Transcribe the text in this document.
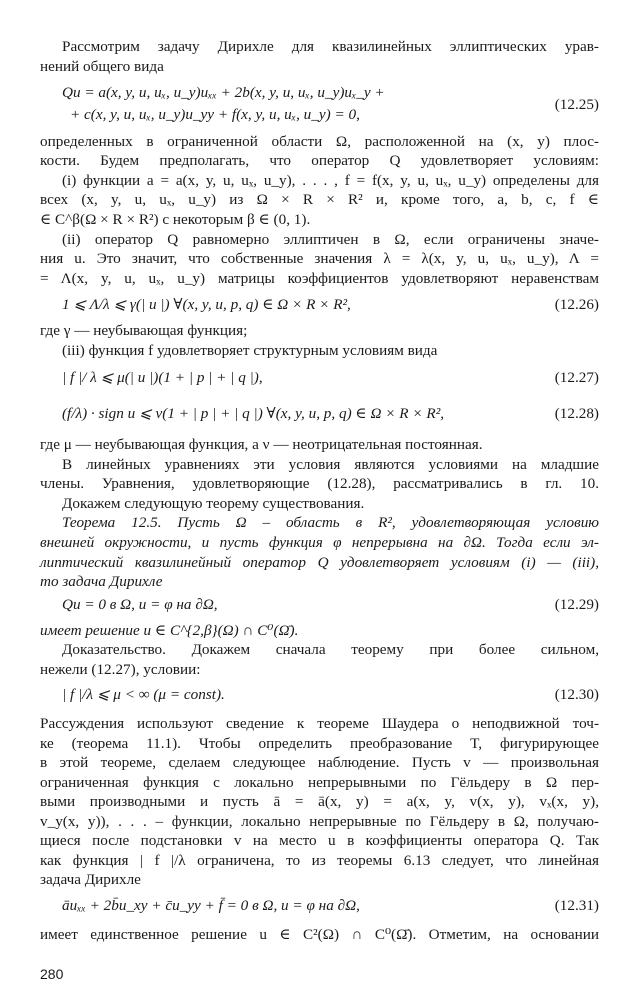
Рассмотрим задачу Дирихле для квазилинейных эллиптических урав-
нений общего вида
Qu = a(x, y, u, uₓ, u_y)uₓₓ + 2b(x, y, u, uₓ, u_y)uₓ_y +
+ c(x, y, u, uₓ, u_y)u_yy + f(x, y, u, uₓ, u_y) = 0,
(12.25)
определенных в ограниченной области Ω, расположенной на (x, y) плос-
кости. Будем предполагать, что оператор Q удовлетворяет условиям:
(i) функции a = a(x, y, u, uₓ, u_y), . . . , f = f(x, y, u, uₓ, u_y) определены для
всех (x, y, u, uₓ, u_y) из Ω × R × R² и, кроме того, a, b, c, f ∈
∈ C^β(Ω × R × R²) с некоторым β ∈ (0, 1).
(ii) оператор Q равномерно эллиптичен в Ω, если ограничены значе-
ния u. Это значит, что собственные значения λ = λ(x, y, u, uₓ, u_y), Λ =
= Λ(x, y, u, uₓ, u_y) матрицы коэффициентов удовлетворяют неравенствам
1 ⩽ Λ/λ ⩽ γ(| u |) ∀(x, y, u, p, q) ∈ Ω × R × R²,	(12.26)
где γ — неубывающая функция;
(iii) функция f удовлетворяет структурным условиям вида
| f |/ λ ⩽ μ(| u |)(1 + | p | + | q |),	(12.27)
(f/λ) · sign u ⩽ ν(1 + | p | + | q |) ∀(x, y, u, p, q) ∈ Ω × R × R²,	(12.28)
где μ — неубывающая функция, а ν — неотрицательная постоянная.
В линейных уравнениях эти условия являются условиями на младшие
члены. Уравнения, удовлетворяющие (12.28), рассматривались в гл. 10.
Докажем следующую теорему существования.
Теорема 12.5. Пусть Ω – область в R², удовлетворяющая условию
внешней окружности, и пусть функция φ непрерывна на ∂Ω. Тогда если эл-
липтический квазилинейный оператор Q удовлетворяет условиям (i) — (iii),
то задача Дирихле
Qu = 0 в Ω, u = φ на ∂Ω,	(12.29)
имеет решение u ∈ C^{2,β}(Ω) ∩ C⁰(Ω̄).
Доказательство. Докажем сначала теорему при более сильном,
нежели (12.27), условии:
| f |/λ ⩽ μ < ∞ (μ = const).	(12.30)
Рассуждения используют сведение к теореме Шаудера о неподвижной точ-
ке (теорема 11.1). Чтобы определить преобразование T, фигурирующее
в этой теореме, сделаем следующее наблюдение. Пусть v — произвольная
ограниченная функция с локально непрерывными по Гёльдеру в Ω пер-
выми производными и пусть ā = ā(x, y) = a(x, y, v(x, y), vₓ(x, y),
v_y(x, y)), . . . – функции, локально непрерывные по Гёльдеру в Ω, получаю-
щиеся после подстановки v на место u в коэффициенты оператора Q. Так
как функция | f |/λ ограничена, то из теоремы 6.13 следует, что линейная
задача Дирихле
āuₓₓ + 2b̄u_xy + c̄u_yy + f̄ = 0 в Ω, u = φ на ∂Ω,	(12.31)
имеет единственное решение u ∈ C²(Ω) ∩ C⁰(Ω̄). Отметим, на основании
280
